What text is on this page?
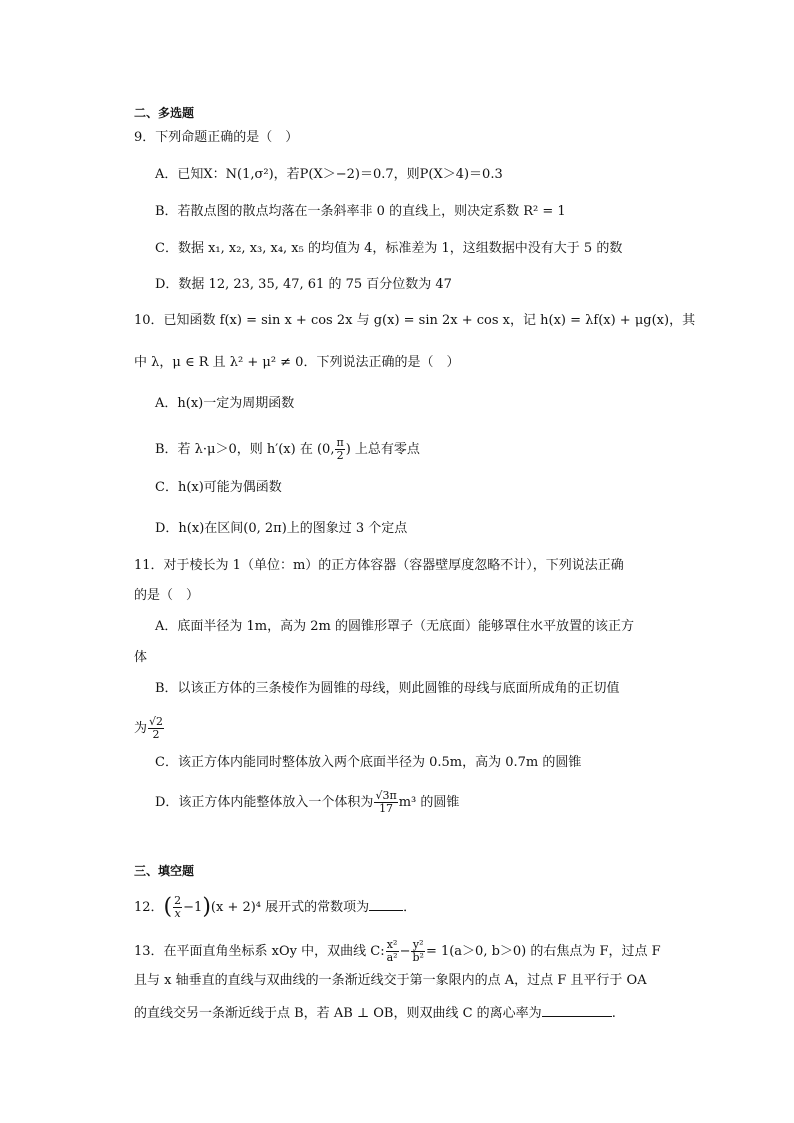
二、多选题
9．下列命题正确的是（　）
A．已知X：N(1,σ²)，若P(X＞−2)＝0.7，则P(X＞4)＝0.3
B．若散点图的散点均落在一条斜率非 0 的直线上，则决定系数 R² = 1
C．数据 x₁, x₂, x₃, x₄, x₅ 的均值为 4，标准差为 1，这组数据中没有大于 5 的数
D．数据 12, 23, 35, 47, 61 的 75 百分位数为 47
10．已知函数 f(x) = sin x + cos 2x 与 g(x) = sin 2x + cos x，记 h(x) = λf(x) + μg(x)，其
中 λ，μ ∈ R 且 λ² + μ² ≠ 0．下列说法正确的是（　）
A．h(x)一定为周期函数
B．若 λ·μ＞0，则 h′(x) 在 (0, $\frac{\pi}{2}$ ) 上总有零点
C．h(x)可能为偶函数
D．h(x)在区间(0, 2π)上的图象过 3 个定点
11．对于棱长为 1（单位：m）的正方体容器（容器壁厚度忽略不计），下列说法正确
的是（　）
A．底面半径为 1m，高为 2m 的圆锥形罩子（无底面）能够罩住水平放置的该正方
体
B．以该正方体的三条棱作为圆锥的母线，则此圆锥的母线与底面所成角的正切值
为 $\frac{√2}{2}$
C．该正方体内能同时整体放入两个底面半径为 0.5m，高为 0.7m 的圆锥
D．该正方体内能整体放入一个体积为 $\frac{√3\pi}{17} m^3$ 的圆锥
三、填空题
12．( $\frac{2}{x} -1)(x + 2)^4$ 展开式的常数项为	．
13．在平面直角坐标系 xOy 中，双曲线 C: $\frac{\text{x²}}{\text{a²}} - \frac{\text{y²}}{\text{b²}} = 1(a>0$, b＞0) 的右焦点为 F，过点 F
且与 x 轴垂直的直线与双曲线的一条渐近线交于第一象限内的点 A，过点 F 且平行于 OA
的直线交另一条渐近线于点 B，若 AB ⊥ OB，则双曲线 C 的离心率为	.
